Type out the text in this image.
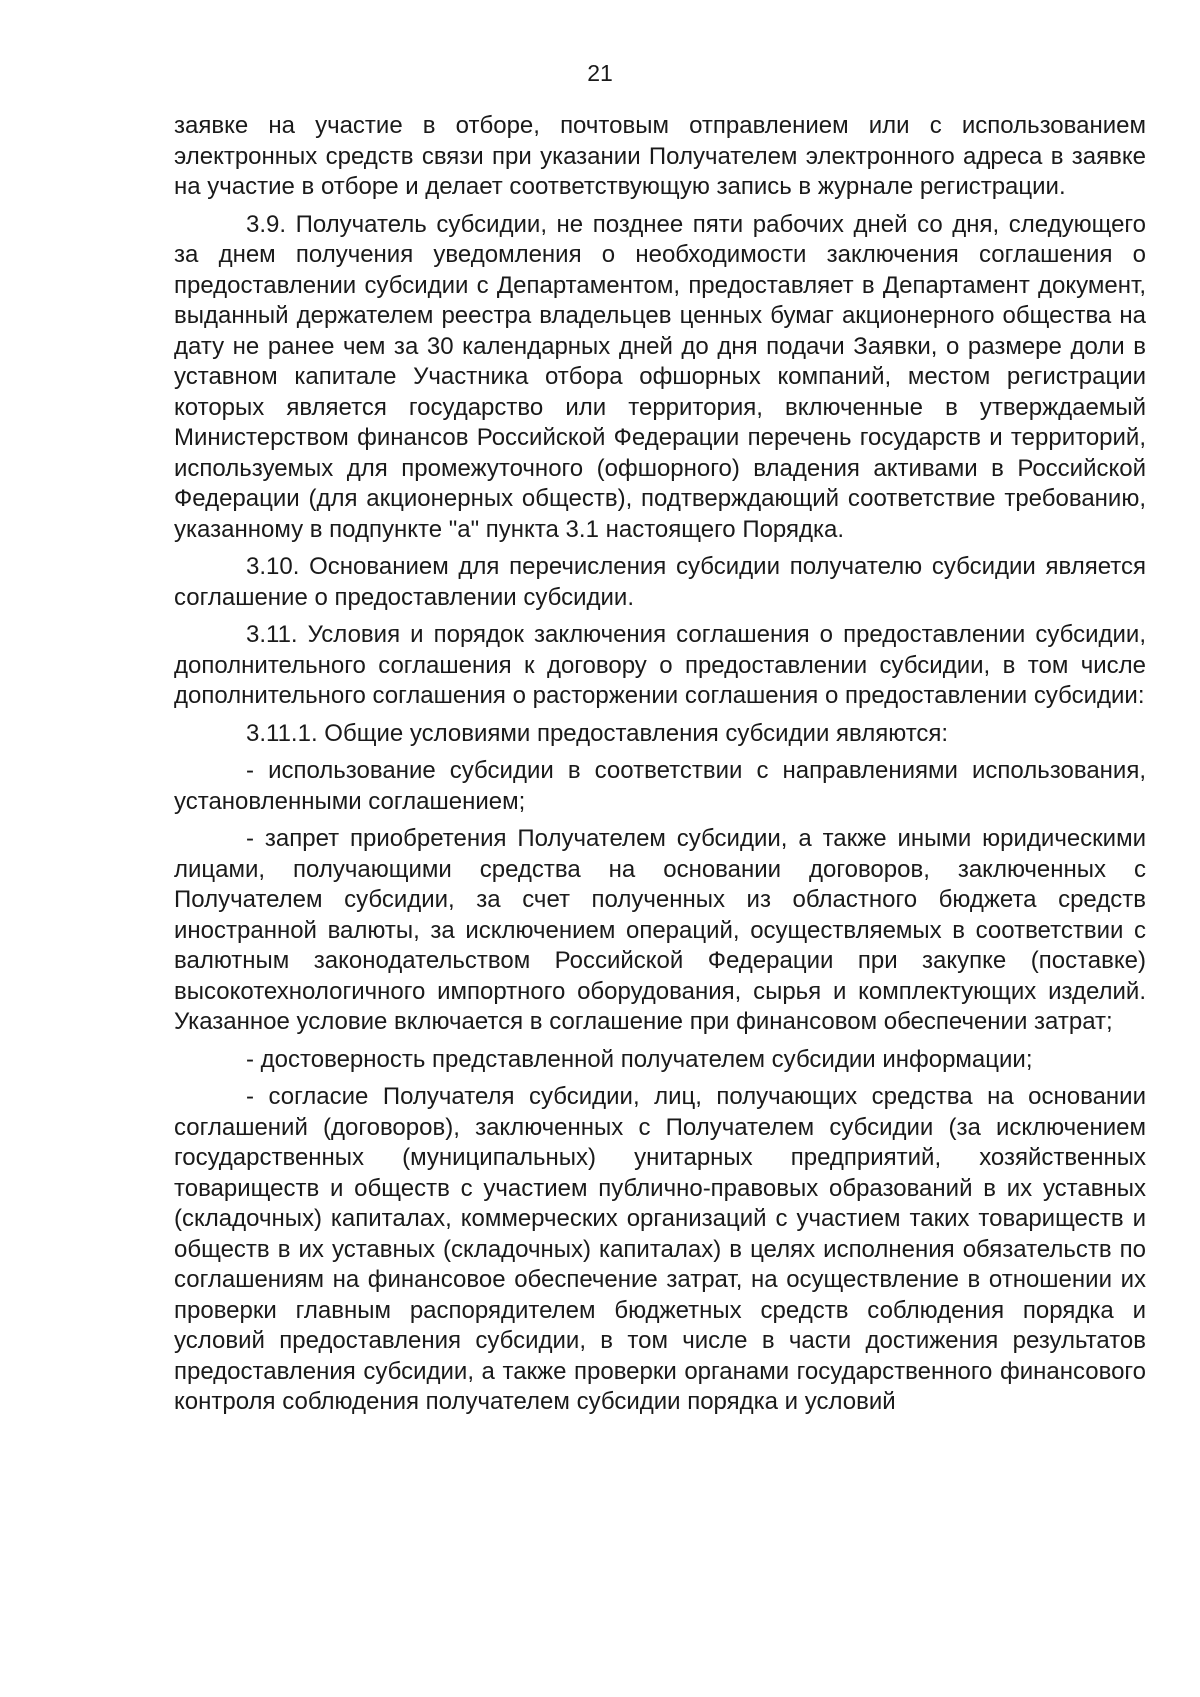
21

заявке на участие в отборе, почтовым отправлением или с использованием электронных средств связи при указании Получателем электронного адреса в заявке на участие в отборе и делает соответствующую запись в журнале регистрации.

3.9. Получатель субсидии, не позднее пяти рабочих дней со дня, следующего за днем получения уведомления о необходимости заключения соглашения о предоставлении субсидии с Департаментом, предоставляет в Департамент документ, выданный держателем реестра владельцев ценных бумаг акционерного общества на дату не ранее чем за 30 календарных дней до дня подачи Заявки, о размере доли в уставном капитале Участника отбора офшорных компаний, местом регистрации которых является государство или территория, включенные в утверждаемый Министерством финансов Российской Федерации перечень государств и территорий, используемых для промежуточного (офшорного) владения активами в Российской Федерации (для акционерных обществ), подтверждающий соответствие требованию, указанному в подпункте "а" пункта 3.1 настоящего Порядка.

3.10. Основанием для перечисления субсидии получателю субсидии является соглашение о предоставлении субсидии.

3.11. Условия и порядок заключения соглашения о предоставлении субсидии, дополнительного соглашения к договору о предоставлении субсидии, в том числе дополнительного соглашения о расторжении соглашения о предоставлении субсидии:

3.11.1. Общие условиями предоставления субсидии являются:

- использование субсидии в соответствии с направлениями использования, установленными соглашением;

- запрет приобретения Получателем субсидии, а также иными юридическими лицами, получающими средства на основании договоров, заключенных с Получателем субсидии, за счет полученных из областного бюджета средств иностранной валюты, за исключением операций, осуществляемых в соответствии с валютным законодательством Российской Федерации при закупке (поставке) высокотехнологичного импортного оборудования, сырья и комплектующих изделий. Указанное условие включается в соглашение при финансовом обеспечении затрат;

- достоверность представленной получателем субсидии информации;

- согласие Получателя субсидии, лиц, получающих средства на основании соглашений (договоров), заключенных с Получателем субсидии (за исключением государственных (муниципальных) унитарных предприятий, хозяйственных товариществ и обществ с участием публично-правовых образований в их уставных (складочных) капиталах, коммерческих организаций с участием таких товариществ и обществ в их уставных (складочных) капиталах) в целях исполнения обязательств по соглашениям на финансовое обеспечение затрат, на осуществление в отношении их проверки главным распорядителем бюджетных средств соблюдения порядка и условий предоставления субсидии, в том числе в части достижения результатов предоставления субсидии, а также проверки органами государственного финансового контроля соблюдения получателем субсидии порядка и условий
